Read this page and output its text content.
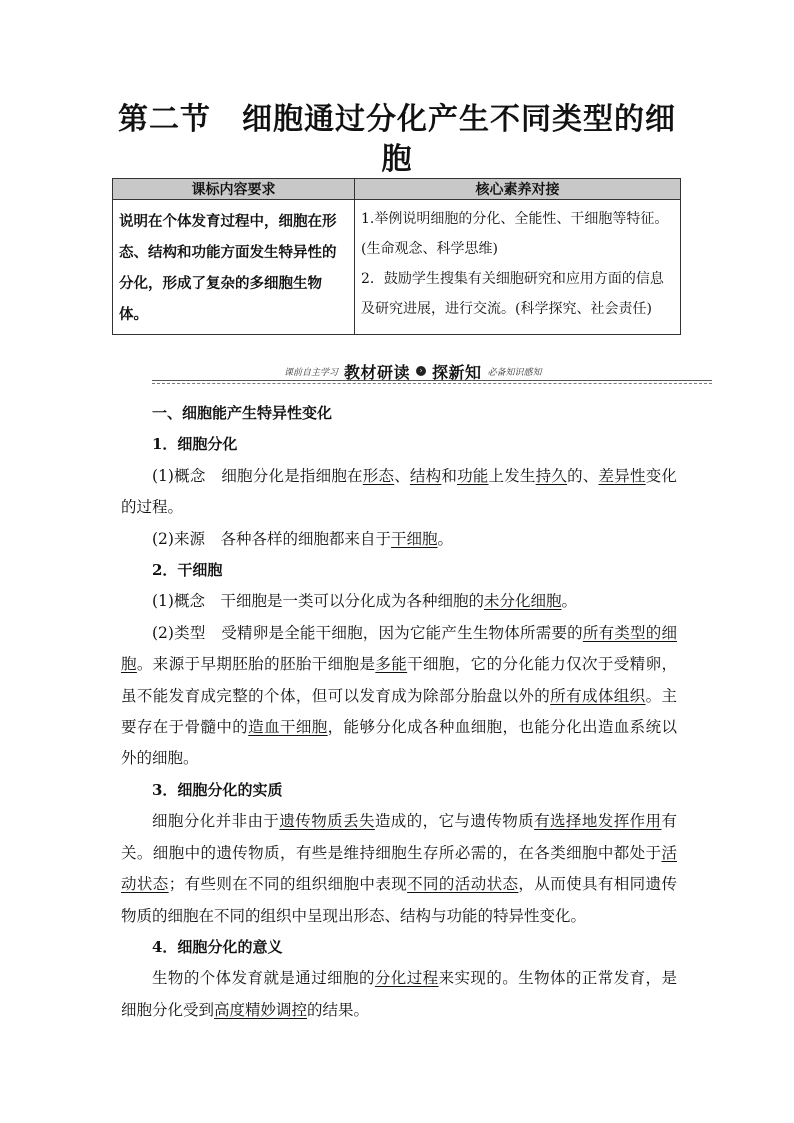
第二节　细胞通过分化产生不同类型的细
胞
课标内容要求	核心素养对接
说明在个体发育过程中，细胞在形态、结构和功能方面发生特异性的分化，形成了复杂的多细胞生物体。	1.举例说明细胞的分化、全能性、干细胞等特征。(生命观念、科学思维)

2．鼓励学生搜集有关细胞研究和应用方面的信息及研究进展，进行交流。(科学探究、社会责任)

课前自主学习 教材研读	› 探新知 必备知识感知

一、细胞能产生特异性变化

1．细胞分化

(1)概念　细胞分化是指细胞在形态、结构和功能上发生持久的、差异性变化的过程。

(2)来源　各种各样的细胞都来自于干细胞。

2．干细胞

(1)概念　干细胞是一类可以分化成为各种细胞的未分化细胞。

(2)类型　受精卵是全能干细胞，因为它能产生生物体所需要的所有类型的细胞。来源于早期胚胎的胚胎干细胞是多能干细胞，它的分化能力仅次于受精卵，虽不能发育成完整的个体，但可以发育成为除部分胎盘以外的所有成体组织。主要存在于骨髓中的造血干细胞，能够分化成各种血细胞，也能分化出造血系统以外的细胞。

3．细胞分化的实质

细胞分化并非由于遗传物质丢失造成的，它与遗传物质有选择地发挥作用有关。细胞中的遗传物质，有些是维持细胞生存所必需的，在各类细胞中都处于活动状态；有些则在不同的组织细胞中表现不同的活动状态，从而使具有相同遗传物质的细胞在不同的组织中呈现出形态、结构与功能的特异性变化。

4．细胞分化的意义

生物的个体发育就是通过细胞的分化过程来实现的。生物体的正常发育，是细胞分化受到高度精妙调控的结果。
